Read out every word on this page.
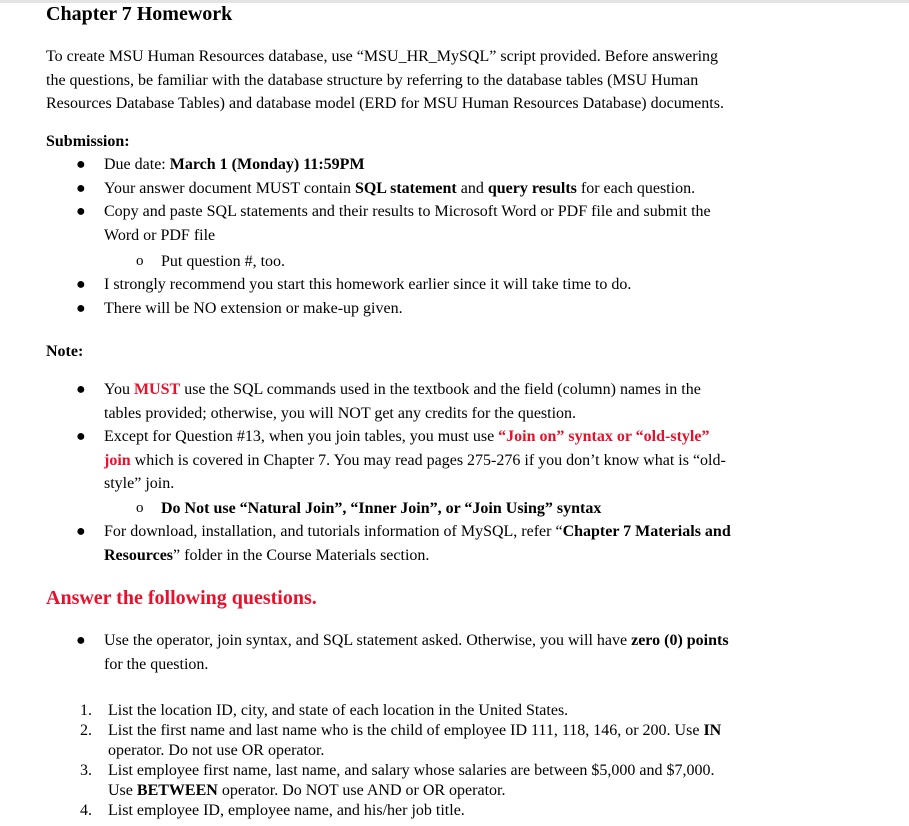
Chapter 7 Homework
To create MSU Human Resources database, use “MSU_HR_MySQL” script provided. Before answering
the questions, be familiar with the database structure by referring to the database tables (MSU Human
Resources Database Tables) and database model (ERD for MSU Human Resources Database) documents.
Submission:
● Due date: March 1 (Monday) 11:59PM
● Your answer document MUST contain SQL statement and query results for each question.
● Copy and paste SQL statements and their results to Microsoft Word or PDF file and submit the
Word or PDF file
o Put question #, too.
● I strongly recommend you start this homework earlier since it will take time to do.
● There will be NO extension or make-up given.
Note:
● You MUST use the SQL commands used in the textbook and the field (column) names in the
tables provided; otherwise, you will NOT get any credits for the question.
● Except for Question #13, when you join tables, you must use “Join on” syntax or “old-style”
join which is covered in Chapter 7. You may read pages 275-276 if you don’t know what is “old-
style” join.
o Do Not use “Natural Join”, “Inner Join”, or “Join Using” syntax
● For download, installation, and tutorials information of MySQL, refer “Chapter 7 Materials and
Resources” folder in the Course Materials section.
Answer the following questions.
● Use the operator, join syntax, and SQL statement asked. Otherwise, you will have zero (0) points
for the question.
1. List the location ID, city, and state of each location in the United States.
2. List the first name and last name who is the child of employee ID 111, 118, 146, or 200. Use IN
operator. Do not use OR operator.
3. List employee first name, last name, and salary whose salaries are between $5,000 and $7,000.
Use BETWEEN operator. Do NOT use AND or OR operator.
4. List employee ID, employee name, and his/her job title.
